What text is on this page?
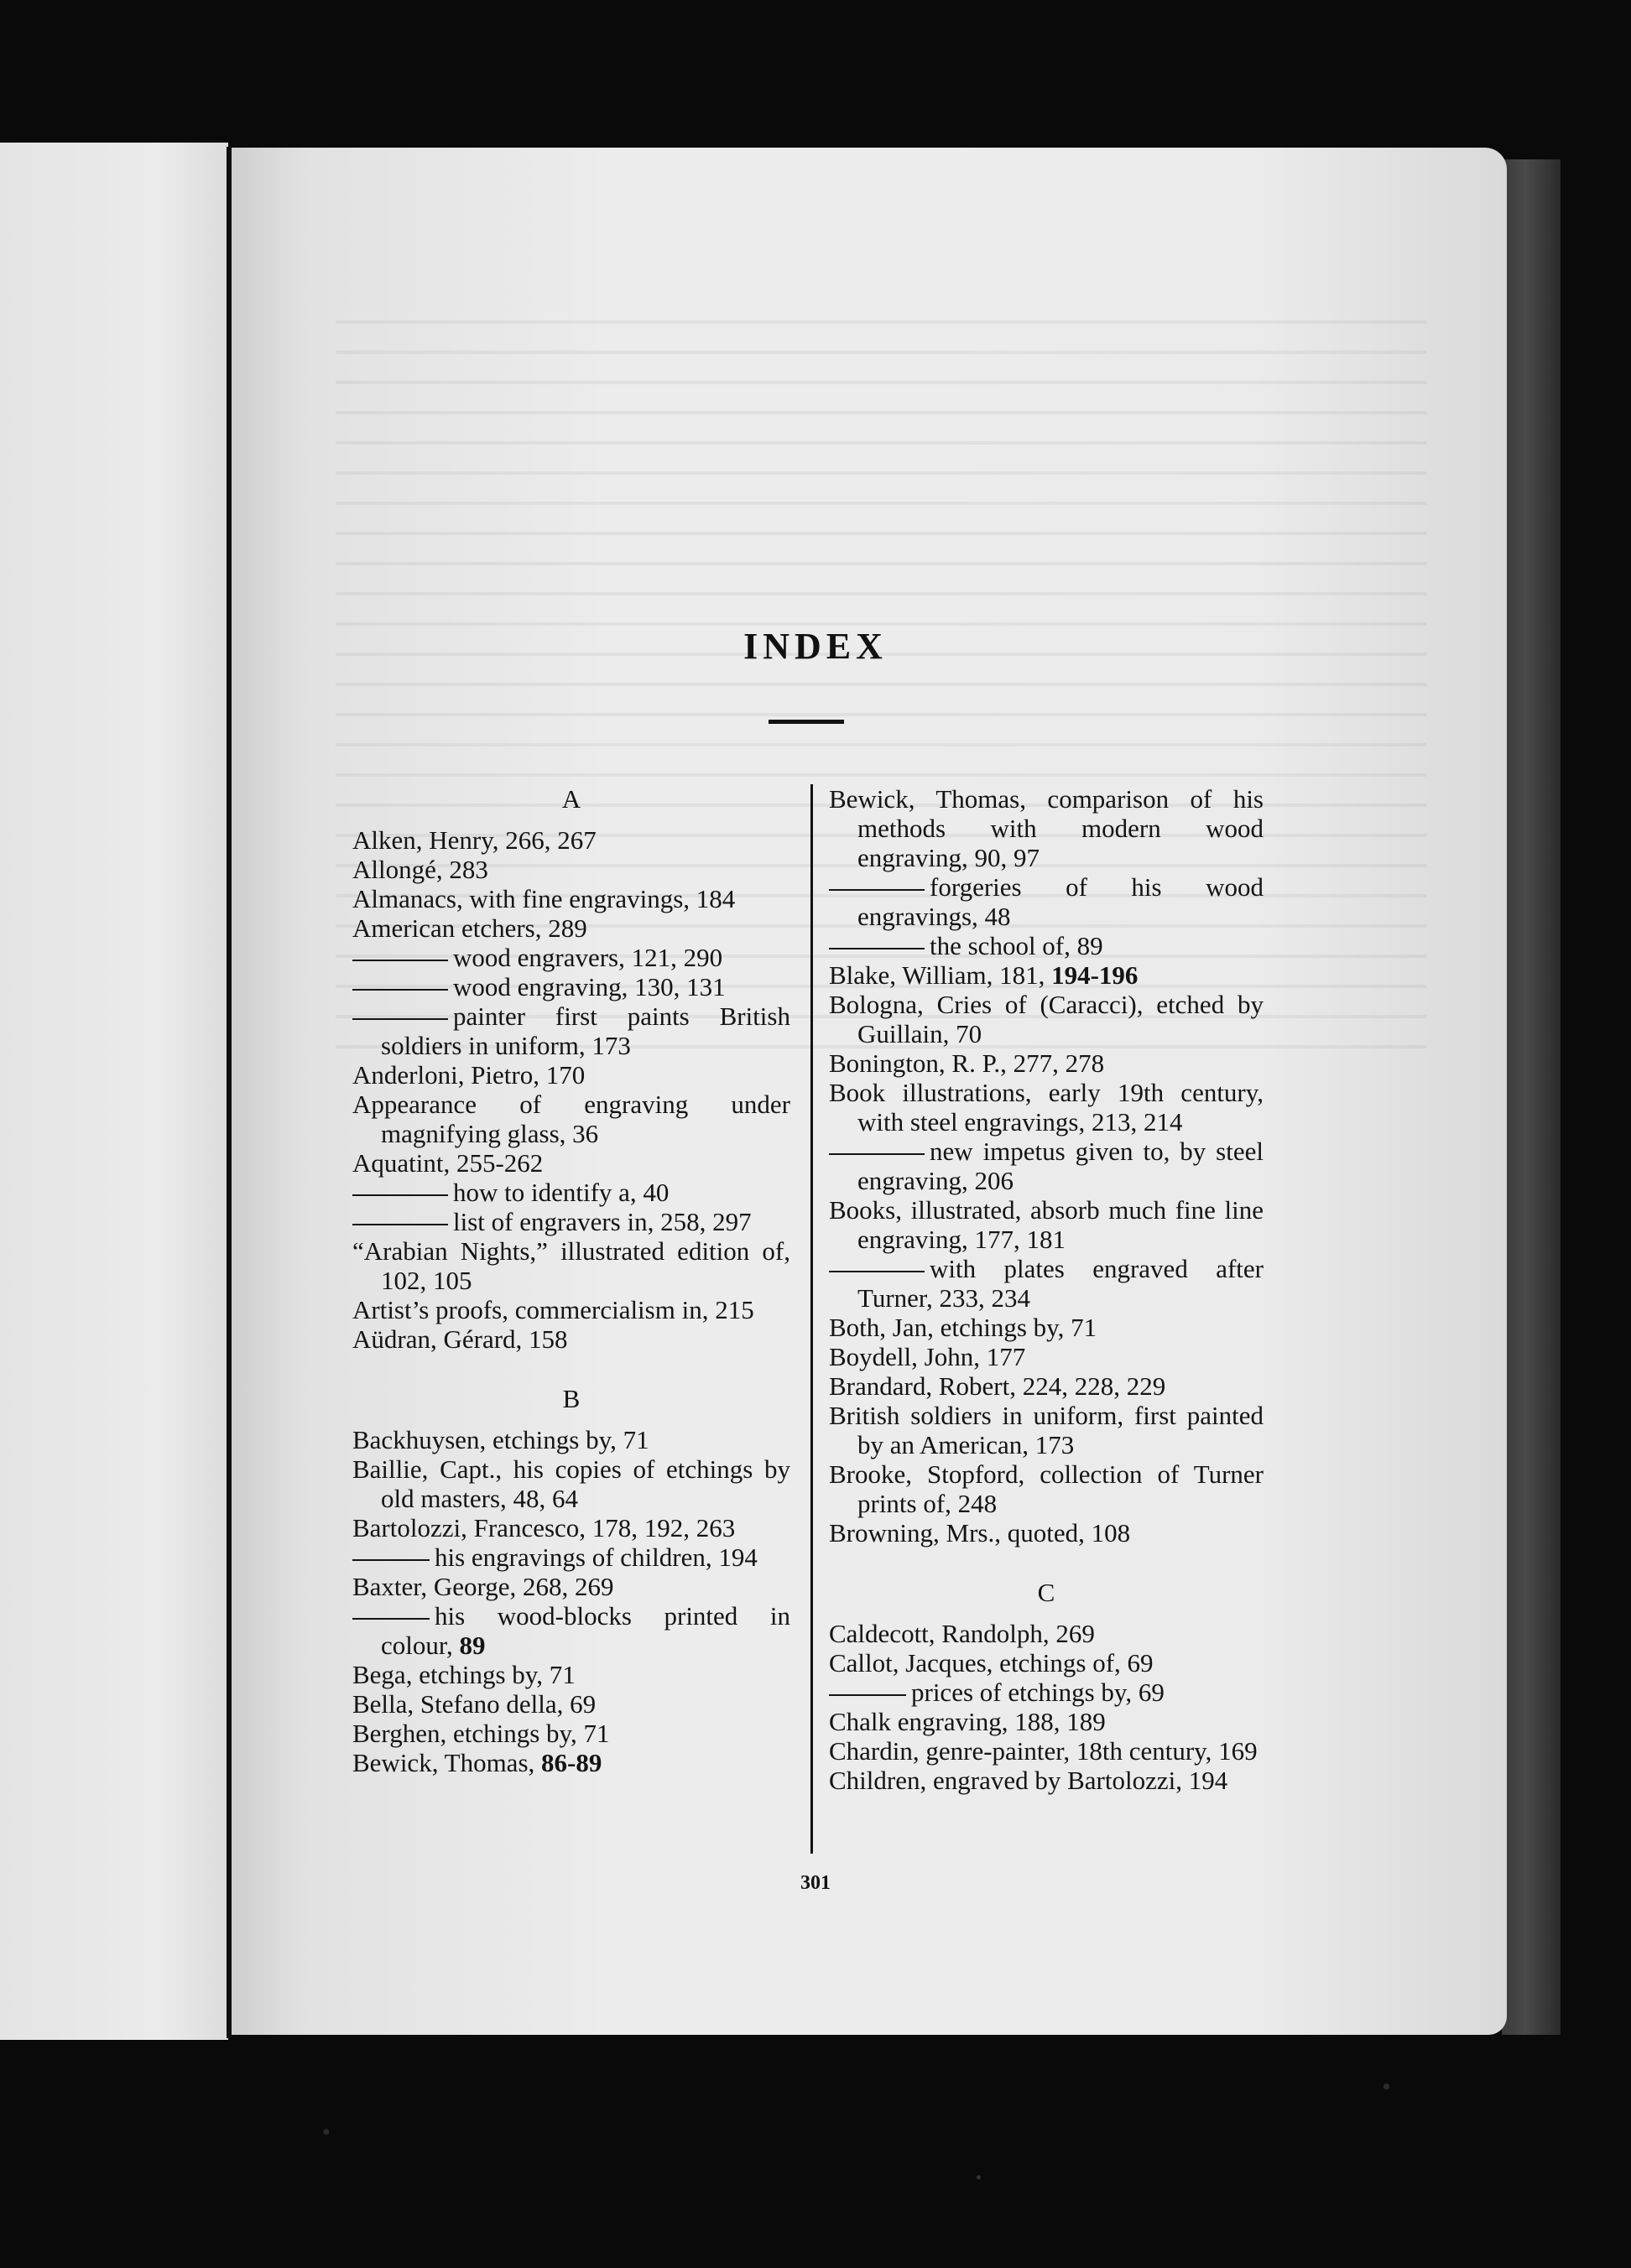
INDEX
A
Alken, Henry, 266, 267
Allongé, 283
Almanacs, with fine engravings, 184
American etchers, 289
wood engravers, 121, 290
wood engraving, 130, 131
painter first paints British soldiers in uniform, 173
Anderloni, Pietro, 170
Appearance of engraving under magnifying glass, 36
Aquatint, 255-262
how to identify a, 40
list of engravers in, 258, 297
“Arabian Nights,” illustrated edition of, 102, 105
Artist’s proofs, commercialism in, 215
Aüdran, Gérard, 158
B
Backhuysen, etchings by, 71
Baillie, Capt., his copies of etchings by old masters, 48, 64
Bartolozzi, Francesco, 178, 192, 263
his engravings of children, 194
Baxter, George, 268, 269
his wood-blocks printed in colour, 89
Bega, etchings by, 71
Bella, Stefano della, 69
Berghen, etchings by, 71
Bewick, Thomas, 86-89
Bewick, Thomas, comparison of his methods with modern wood engraving, 90, 97
forgeries of his wood engravings, 48
the school of, 89
Blake, William, 181, 194-196
Bologna, Cries of (Caracci), etched by Guillain, 70
Bonington, R. P., 277, 278
Book illustrations, early 19th century, with steel engravings, 213, 214
new impetus given to, by steel engraving, 206
Books, illustrated, absorb much fine line engraving, 177, 181
with plates engraved after Turner, 233, 234
Both, Jan, etchings by, 71
Boydell, John, 177
Brandard, Robert, 224, 228, 229
British soldiers in uniform, first painted by an American, 173
Brooke, Stopford, collection of Turner prints of, 248
Browning, Mrs., quoted, 108
C
Caldecott, Randolph, 269
Callot, Jacques, etchings of, 69
prices of etchings by, 69
Chalk engraving, 188, 189
Chardin, genre-painter, 18th century, 169
Children, engraved by Bartolozzi, 194
301
